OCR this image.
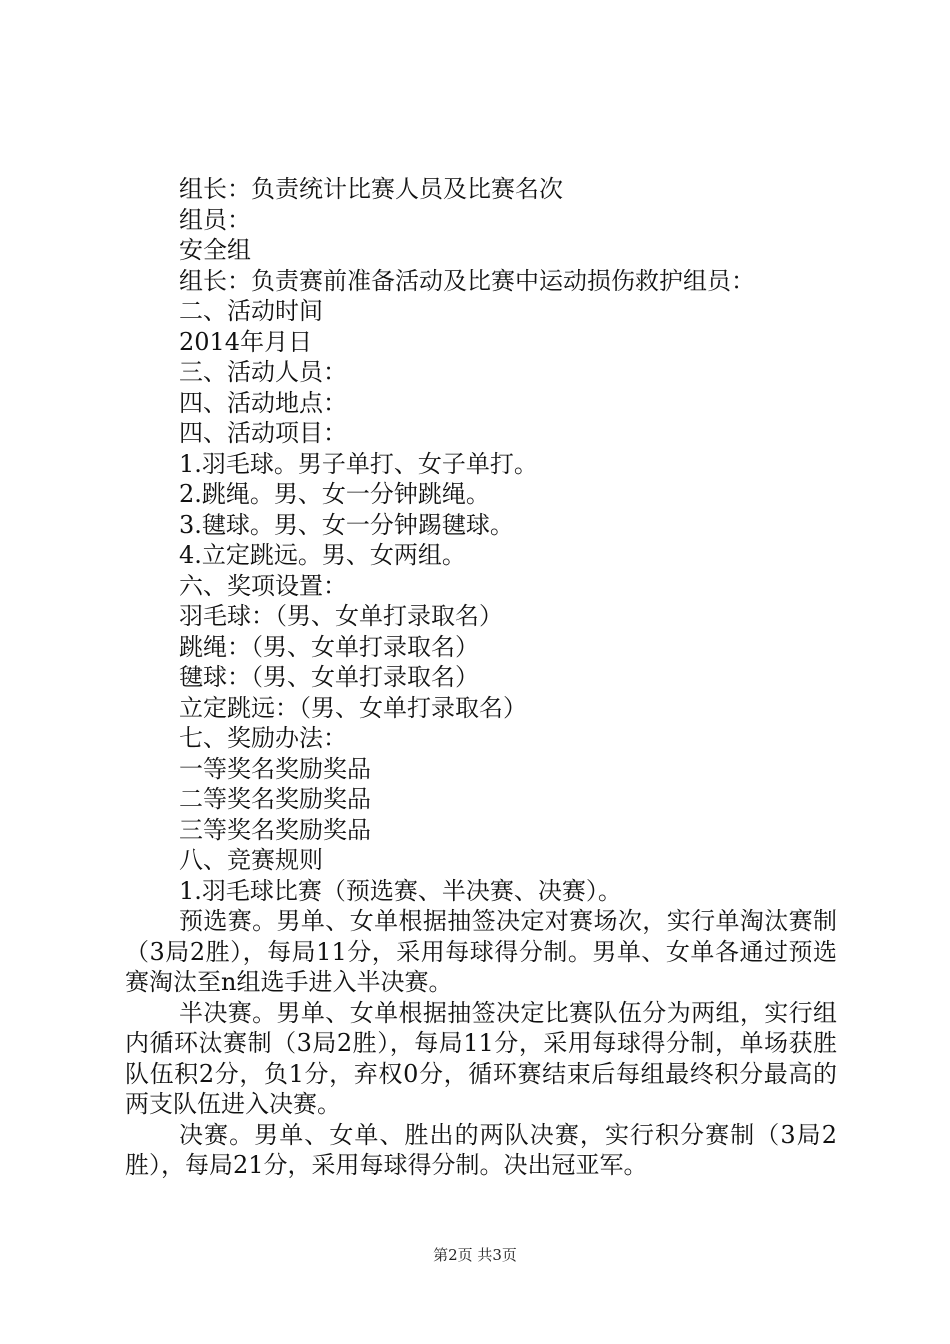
组长：负责统计比赛人员及比赛名次

组员：

安全组

组长：负责赛前准备活动及比赛中运动损伤救护组员：

二、活动时间

2014年月日

三、活动人员：

四、活动地点：

四、活动项目：

1.羽毛球。男子单打、女子单打。

2.跳绳。男、女一分钟跳绳。

3.毽球。男、女一分钟踢毽球。

4.立定跳远。男、女两组。

六、奖项设置：

羽毛球：（男、女单打录取名）

跳绳：（男、女单打录取名）

毽球：（男、女单打录取名）

立定跳远：（男、女单打录取名）

七、奖励办法：

一等奖名奖励奖品

二等奖名奖励奖品

三等奖名奖励奖品

八、竞赛规则

1.羽毛球比赛（预选赛、半决赛、决赛）。

预选赛。男单、女单根据抽签决定对赛场次，实行单淘汰赛制（3局2胜），每局11分，采用每球得分制。男单、女单各通过预选赛淘汰至n组选手进入半决赛。

半决赛。男单、女单根据抽签决定比赛队伍分为两组，实行组内循环汰赛制（3局2胜），每局11分，采用每球得分制，单场获胜队伍积2分，负1分，弃权0分，循环赛结束后每组最终积分最高的两支队伍进入决赛。

决赛。男单、女单、胜出的两队决赛，实行积分赛制（3局2胜），每局21分，采用每球得分制。决出冠亚军。

第2页 共3页
